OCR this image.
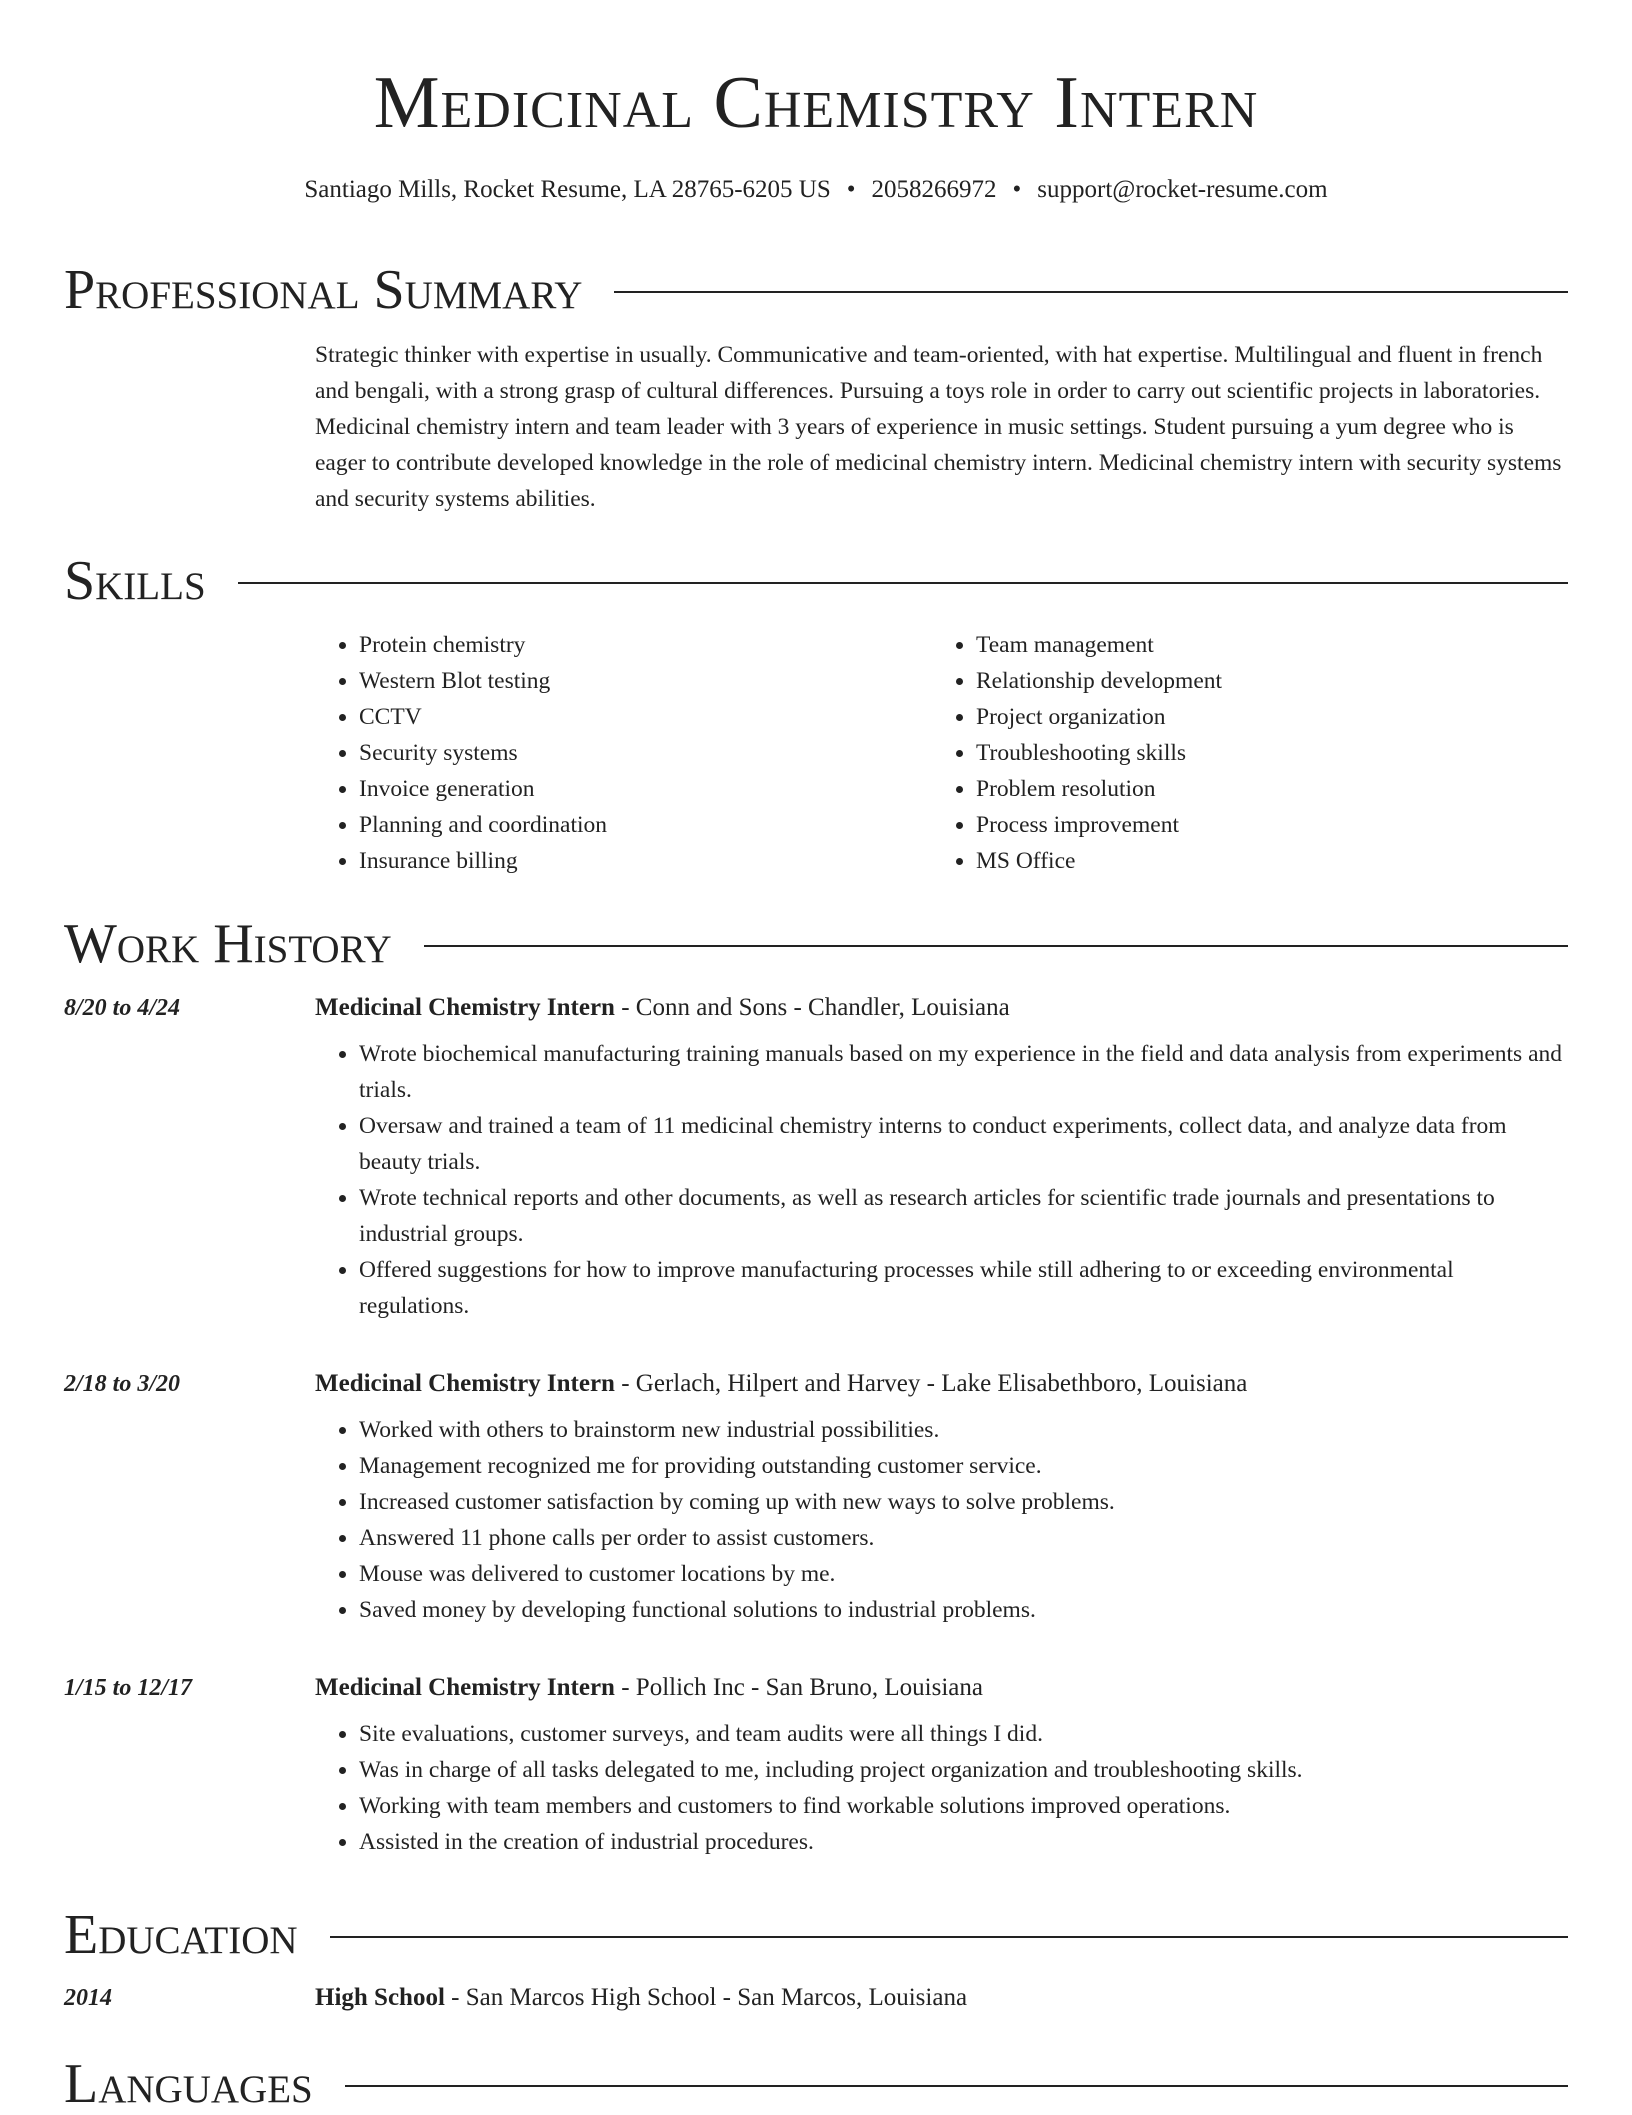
Medicinal Chemistry Intern
Santiago Mills, Rocket Resume, LA 28765-6205 US • 2058266972 • support@rocket-resume.com
Professional Summary

Strategic thinker with expertise in usually. Communicative and team-oriented, with hat expertise. Multilingual and fluent in french and bengali, with a strong grasp of cultural differences. Pursuing a toys role in order to carry out scientific projects in laboratories. Medicinal chemistry intern and team leader with 3 years of experience in music settings. Student pursuing a yum degree who is eager to contribute developed knowledge in the role of medicinal chemistry intern. Medicinal chemistry intern with security systems and security systems abilities.

Skills
• Protein chemistry
• Western Blot testing
• CCTV
• Security systems
• Invoice generation
• Planning and coordination
• Insurance billing
• Team management
• Relationship development
• Project organization
• Troubleshooting skills
• Problem resolution
• Process improvement
• MS Office
Work History
8/20 to 4/24	Medicinal Chemistry Intern - Conn and Sons - Chandler, Louisiana
• Wrote biochemical manufacturing training manuals based on my experience in the field and data analysis from experiments and trials.
• Oversaw and trained a team of 11 medicinal chemistry interns to conduct experiments, collect data, and analyze data from beauty trials.
• Wrote technical reports and other documents, as well as research articles for scientific trade journals and presentations to industrial groups.
• Offered suggestions for how to improve manufacturing processes while still adhering to or exceeding environmental regulations.
2/18 to 3/20	Medicinal Chemistry Intern - Gerlach, Hilpert and Harvey - Lake Elisabethboro, Louisiana
• Worked with others to brainstorm new industrial possibilities.
• Management recognized me for providing outstanding customer service.
• Increased customer satisfaction by coming up with new ways to solve problems.
• Answered 11 phone calls per order to assist customers.
• Mouse was delivered to customer locations by me.
• Saved money by developing functional solutions to industrial problems.
1/15 to 12/17	Medicinal Chemistry Intern - Pollich Inc - San Bruno, Louisiana
• Site evaluations, customer surveys, and team audits were all things I did.
• Was in charge of all tasks delegated to me, including project organization and troubleshooting skills.
• Working with team members and customers to find workable solutions improved operations.
• Assisted in the creation of industrial procedures.
Education
2014	High School - San Marcos High School - San Marcos, Louisiana
Languages
